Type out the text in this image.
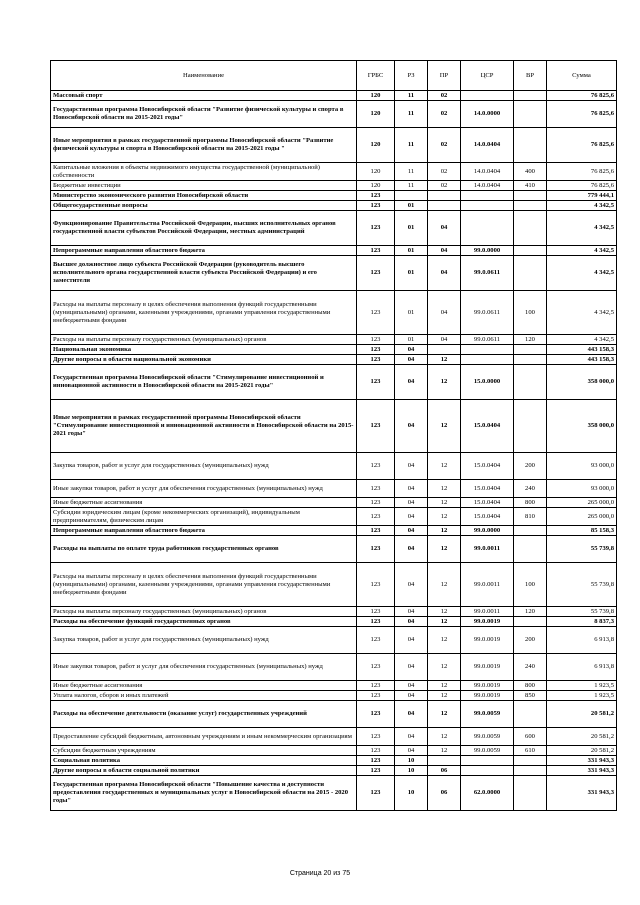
Наименование	ГРБС	РЗ	ПР	ЦСР	ВР	Сумма
Массовый спорт	120	11	02			76 825,6
Государственная программа Новосибирской области "Развитие физической культуры и спорта в Новосибирской области на 2015-2021 годы"	120	11	02	14.0.0000		76 825,6
Иные мероприятия в рамках государственной программы Новосибирской области "Развитие физической культуры и спорта в Новосибирской области на 2015-2021 годы "	120	11	02	14.0.0404		76 825,6
Капитальные вложения в объекты недвижимого имущества государственной (муниципальной) собственности	120	11	02	14.0.0404	400	76 825,6
Бюджетные инвестиции	120	11	02	14.0.0404	410	76 825,6
Министерство экономического развития Новосибирской области	123					779 444,1
Общегосударственные вопросы	123	01				4 342,5
Функционирование Правительства Российской Федерации, высших исполнительных органов государственной власти субъектов Российской Федерации, местных администраций	123	01	04			4 342,5
Непрограммные направления областного бюджета	123	01	04	99.0.0000		4 342,5
Высшее должностное лицо субъекта Российской Федерации (руководитель высшего исполнительного органа государственной власти субъекта Российской Федерации) и его заместители	123	01	04	99.0.0611		4 342,5
Расходы на выплаты персоналу в целях обеспечения выполнения функций государственными (муниципальными) органами, казенными учреждениями, органами управления государственными внебюджетными фондами	123	01	04	99.0.0611	100	4 342,5
Расходы на выплаты персоналу государственных (муниципальных) органов	123	01	04	99.0.0611	120	4 342,5
Национальная экономика	123	04				443 158,3
Другие вопросы в области национальной экономики	123	04	12			443 158,3
Государственная программа Новосибирской области "Стимулирование инвестиционной и инновационной активности в Новосибирской области на 2015-2021 годы"	123	04	12	15.0.0000		358 000,0
Иные мероприятия в рамках государственной программы Новосибирской области "Стимулирование инвестиционной и инновационной активности в Новосибирской области на 2015-2021 годы"	123	04	12	15.0.0404		358 000,0
Закупка товаров, работ и услуг для государственных (муниципальных) нужд	123	04	12	15.0.0404	200	93 000,0
Иные закупки товаров, работ и услуг для обеспечения государственных (муниципальных) нужд	123	04	12	15.0.0404	240	93 000,0
Иные бюджетные ассигнования	123	04	12	15.0.0404	800	265 000,0
Субсидии юридическим лицам (кроме некоммерческих организаций), индивидуальным предпринимателям, физическим лицам	123	04	12	15.0.0404	810	265 000,0
Непрограммные направления областного бюджета	123	04	12	99.0.0000		85 158,3
Расходы на выплаты по оплате труда работников государственных органов	123	04	12	99.0.0011		55 739,8
Расходы на выплаты персоналу в целях обеспечения выполнения функций государственными (муниципальными) органами, казенными учреждениями, органами управления государственными внебюджетными фондами	123	04	12	99.0.0011	100	55 739,8
Расходы на выплаты персоналу государственных (муниципальных) органов	123	04	12	99.0.0011	120	55 739,8
Расходы на обеспечение функций государственных органов	123	04	12	99.0.0019		8 837,3
Закупка товаров, работ и услуг для государственных (муниципальных) нужд	123	04	12	99.0.0019	200	6 913,8
Иные закупки товаров, работ и услуг для обеспечения государственных (муниципальных) нужд	123	04	12	99.0.0019	240	6 913,8
Иные бюджетные ассигнования	123	04	12	99.0.0019	800	1 923,5
Уплата налогов, сборов и иных платежей	123	04	12	99.0.0019	850	1 923,5
Расходы на обеспечение деятельности (оказание услуг) государственных учреждений	123	04	12	99.0.0059		20 581,2
Предоставление субсидий бюджетным, автономным учреждениям и иным некоммерческим организациям	123	04	12	99.0.0059	600	20 581,2
Субсидии бюджетным учреждениям	123	04	12	99.0.0059	610	20 581,2
Социальная политика	123	10				331 943,3
Другие вопросы в области социальной политики	123	10	06			331 943,3
Государственная программа Новосибирской области "Повышение качества и доступности предоставления государственных и муниципальных услуг в Новосибирской области на 2015 - 2020 годы"	123	10	06	62.0.0000		331 943,3
Страница 20 из 75
